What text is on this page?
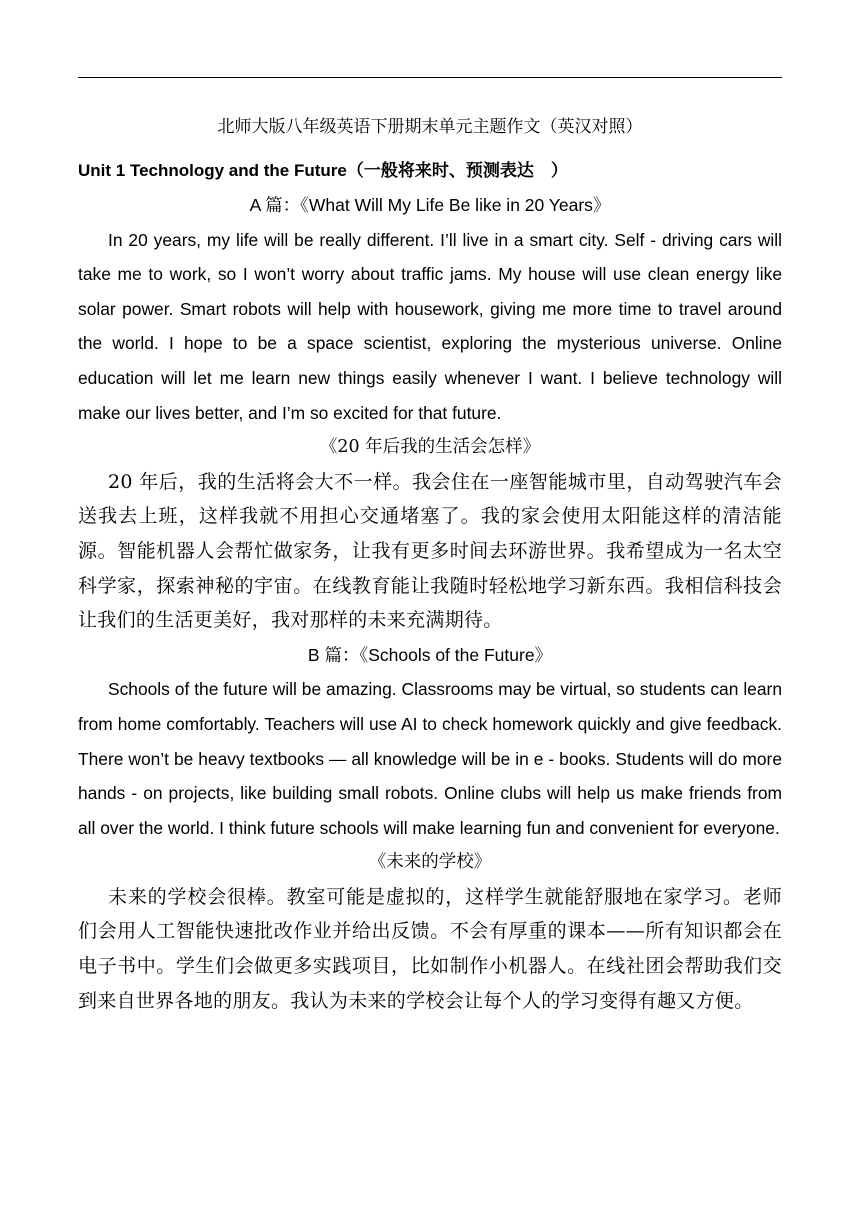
北师大版八年级英语下册期末单元主题作文（英汉对照）
Unit 1 Technology and the Future（一般将来时、预测表达　）
A 篇：《What Will My Life Be like in 20 Years》

In 20 years, my life will be really different. I’ll live in a smart city. Self - driving cars will take me to work, so I won’t worry about traffic jams. My house will use clean energy like solar power. Smart robots will help with housework, giving me more time to travel around the world. I hope to be a space scientist, exploring the mysterious universe. Online education will let me learn new things easily whenever I want. I believe technology will make our lives better, and I’m so excited for that future.

《20 年后我的生活会怎样》

20 年后，我的生活将会大不一样。我会住在一座智能城市里，自动驾驶汽车会送我去上班，这样我就不用担心交通堵塞了。我的家会使用太阳能这样的清洁能源。智能机器人会帮忙做家务，让我有更多时间去环游世界。我希望成为一名太空科学家，探索神秘的宇宙。在线教育能让我随时轻松地学习新东西。我相信科技会让我们的生活更美好，我对那样的未来充满期待。

B 篇：《Schools of the Future》

Schools of the future will be amazing. Classrooms may be virtual, so students can learn from home comfortably. Teachers will use AI to check homework quickly and give feedback. There won’t be heavy textbooks — all knowledge will be in e - books. Students will do more hands - on projects, like building small robots. Online clubs will help us make friends from all over the world. I think future schools will make learning fun and convenient for everyone.

《未来的学校》

未来的学校会很棒。教室可能是虚拟的，这样学生就能舒服地在家学习。老师们会用人工智能快速批改作业并给出反馈。不会有厚重的课本——所有知识都会在电子书中。学生们会做更多实践项目，比如制作小机器人。在线社团会帮助我们交到来自世界各地的朋友。我认为未来的学校会让每个人的学习变得有趣又方便。
